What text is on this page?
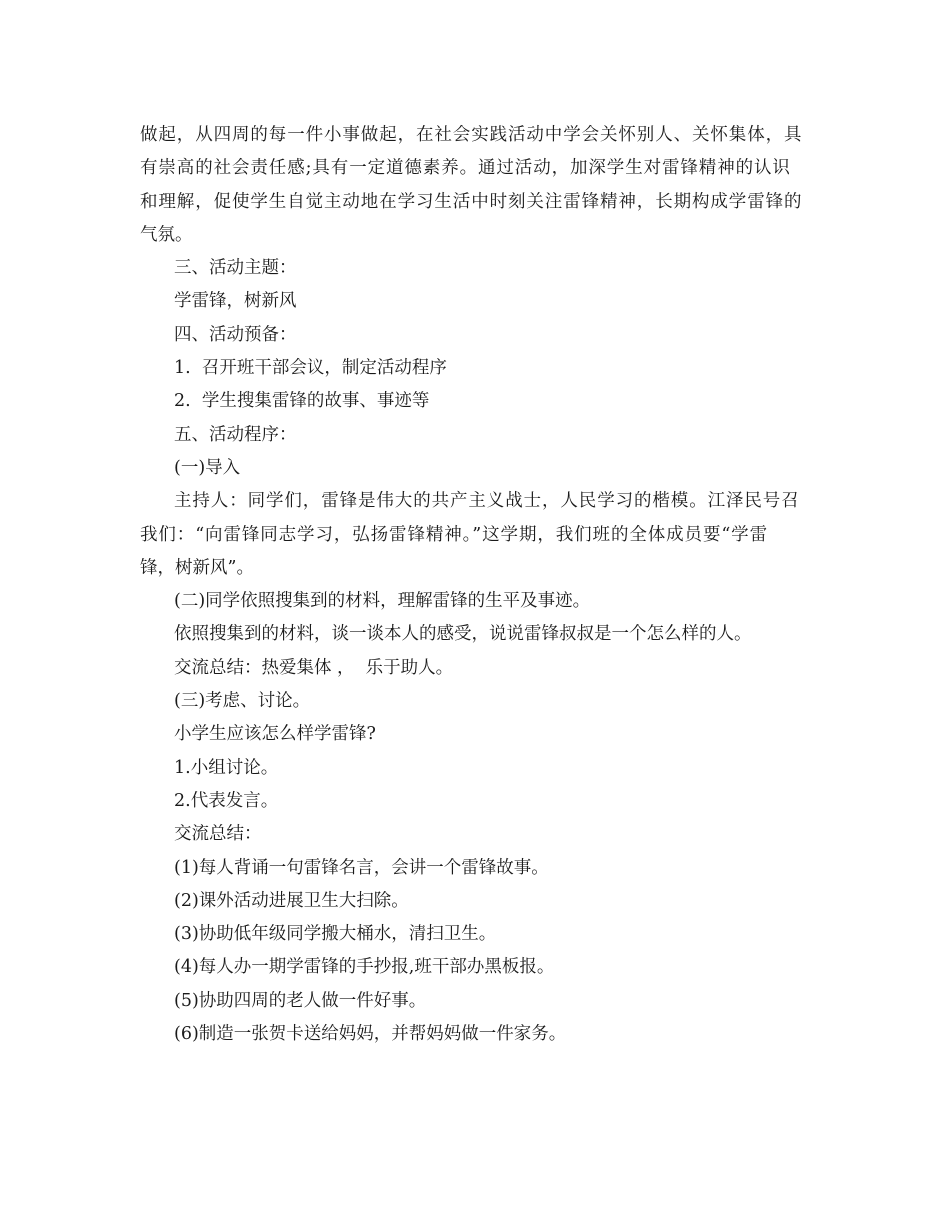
做起，从四周的每一件小事做起，在社会实践活动中学会关怀别人、关怀集体，具

有崇高的社会责任感;具有一定道德素养。通过活动，加深学生对雷锋精神的认识

和理解，促使学生自觉主动地在学习生活中时刻关注雷锋精神，长期构成学雷锋的

气氛。

三、活动主题：

学雷锋，树新风

四、活动预备：

1.  召开班干部会议，制定活动程序

2.  学生搜集雷锋的故事、事迹等

五、活动程序：

(一)导入

主持人：同学们，雷锋是伟大的共产主义战士，人民学习的楷模。江泽民号召

我们：“向雷锋同志学习，弘扬雷锋精神。”这学期，我们班的全体成员要“学雷

锋，树新风”。

(二)同学依照搜集到的材料，理解雷锋的生平及事迹。

依照搜集到的材料，谈一谈本人的感受，说说雷锋叔叔是一个怎么样的人。

交流总结：热爱集体 ，  乐于助人。

(三)考虑、讨论。

小学生应该怎么样学雷锋?

1.小组讨论。

2.代表发言。

交流总结：

(1)每人背诵一句雷锋名言，会讲一个雷锋故事。

(2)课外活动进展卫生大扫除。

(3)协助低年级同学搬大桶水，清扫卫生。

(4)每人办一期学雷锋的手抄报,班干部办黑板报。

(5)协助四周的老人做一件好事。

(6)制造一张贺卡送给妈妈，并帮妈妈做一件家务。
